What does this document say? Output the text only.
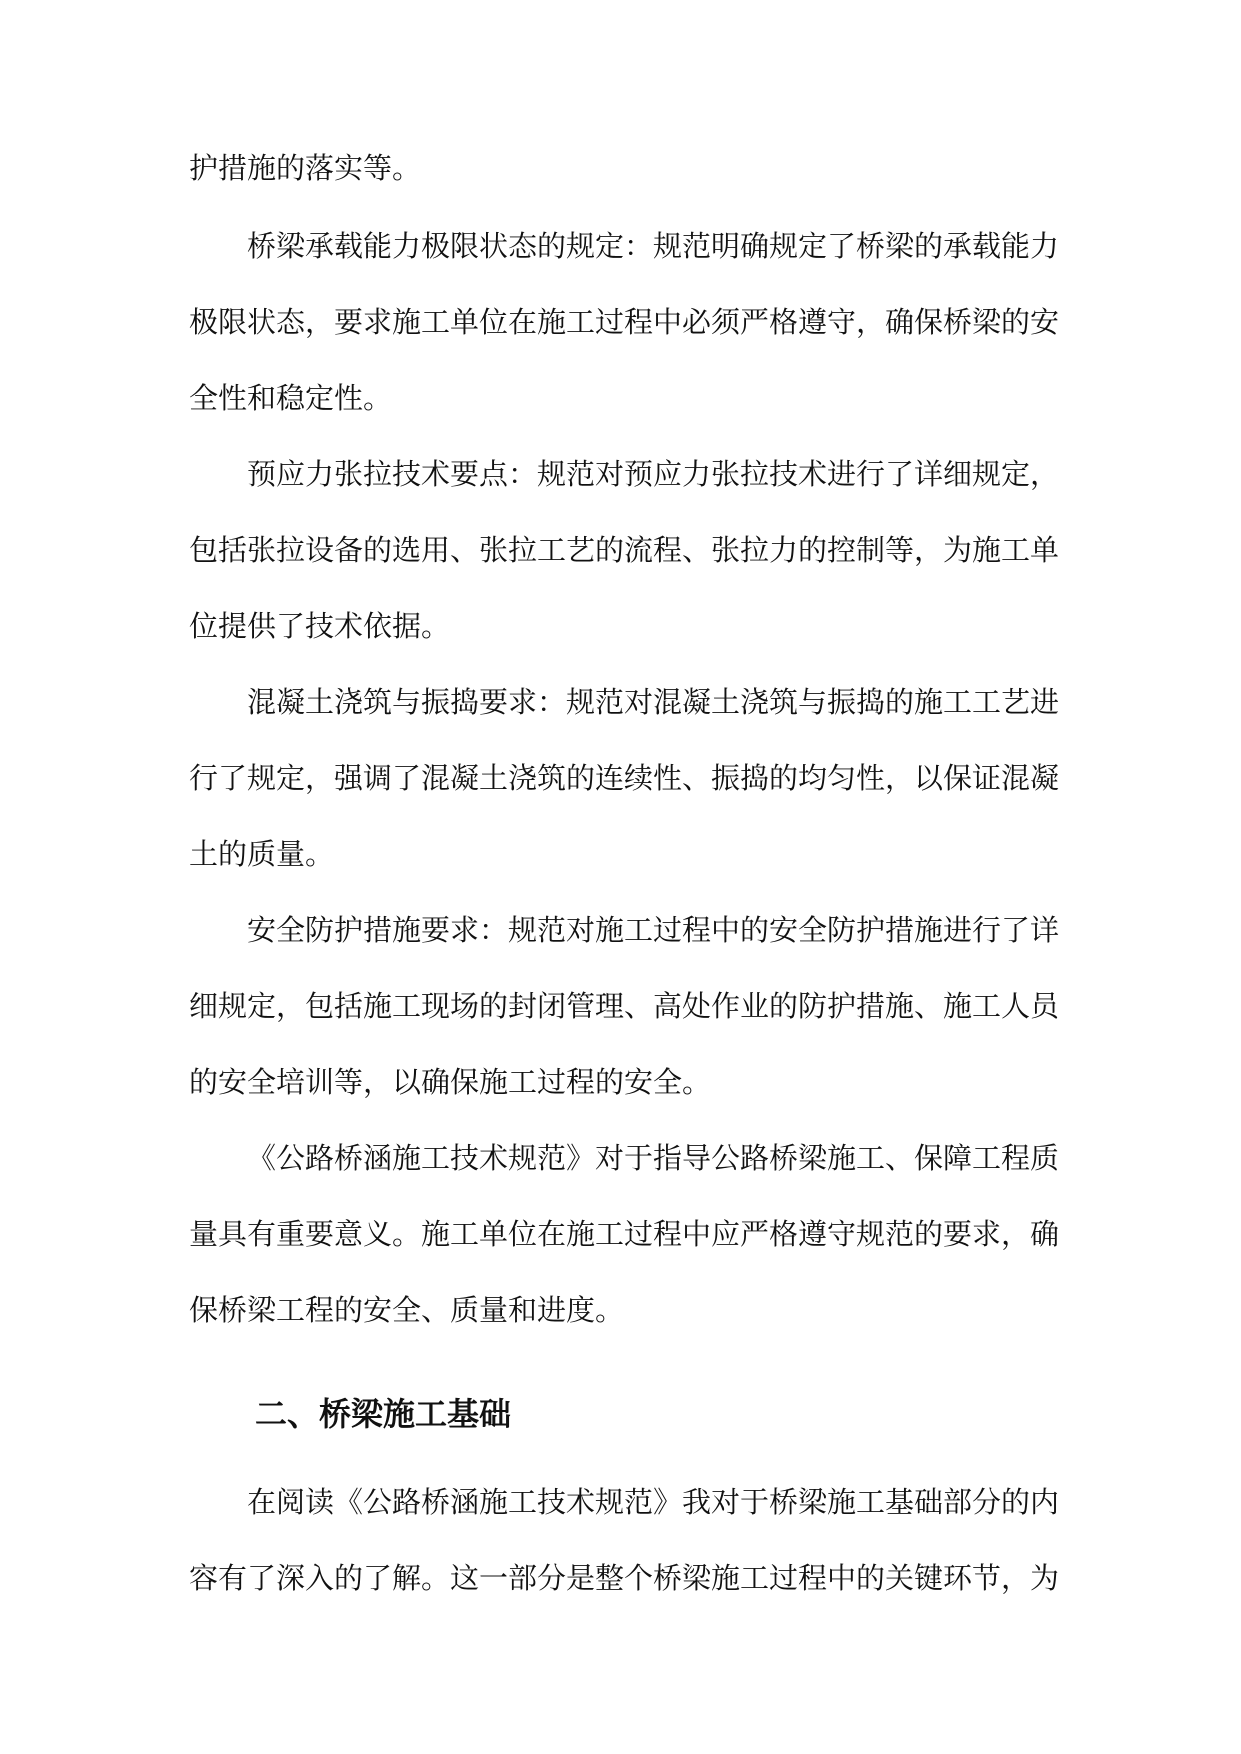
护措施的落实等。
桥梁承载能力极限状态的规定：规范明确规定了桥梁的承载能力
极限状态，要求施工单位在施工过程中必须严格遵守，确保桥梁的安
全性和稳定性。
预应力张拉技术要点：规范对预应力张拉技术进行了详细规定，
包括张拉设备的选用、张拉工艺的流程、张拉力的控制等，为施工单
位提供了技术依据。
混凝土浇筑与振捣要求：规范对混凝土浇筑与振捣的施工工艺进
行了规定，强调了混凝土浇筑的连续性、振捣的均匀性，以保证混凝
土的质量。
安全防护措施要求：规范对施工过程中的安全防护措施进行了详
细规定，包括施工现场的封闭管理、高处作业的防护措施、施工人员
的安全培训等，以确保施工过程的安全。
《公路桥涵施工技术规范》对于指导公路桥梁施工、保障工程质
量具有重要意义。施工单位在施工过程中应严格遵守规范的要求，确
保桥梁工程的安全、质量和进度。
二、桥梁施工基础
在阅读《公路桥涵施工技术规范》我对于桥梁施工基础部分的内
容有了深入的了解。这一部分是整个桥梁施工过程中的关键环节，为
